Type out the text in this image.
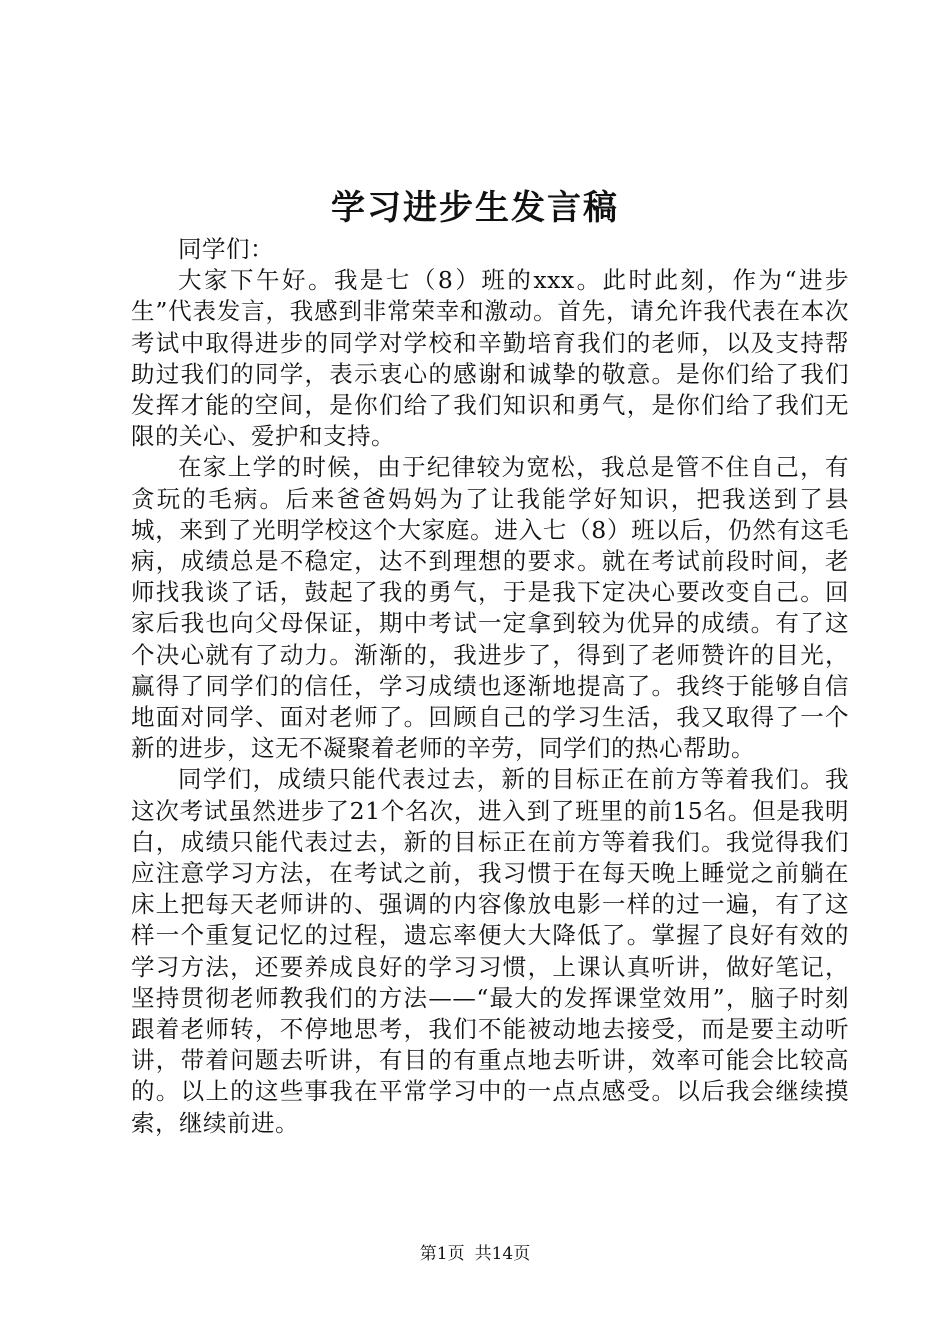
学习进步生发言稿

同学们：

大家下午好。我是七（8）班的xxx。此时此刻，作为“进步生”代表发言，我感到非常荣幸和激动。首先，请允许我代表在本次考试中取得进步的同学对学校和辛勤培育我们的老师，以及支持帮助过我们的同学，表示衷心的感谢和诚挚的敬意。是你们给了我们发挥才能的空间，是你们给了我们知识和勇气，是你们给了我们无限的关心、爱护和支持。

在家上学的时候，由于纪律较为宽松，我总是管不住自己，有贪玩的毛病。后来爸爸妈妈为了让我能学好知识，把我送到了县城，来到了光明学校这个大家庭。进入七（8）班以后，仍然有这毛病，成绩总是不稳定，达不到理想的要求。就在考试前段时间，老师找我谈了话，鼓起了我的勇气，于是我下定决心要改变自己。回家后我也向父母保证，期中考试一定拿到较为优异的成绩。有了这个决心就有了动力。渐渐的，我进步了，得到了老师赞许的目光，赢得了同学们的信任，学习成绩也逐渐地提高了。我终于能够自信地面对同学、面对老师了。回顾自己的学习生活，我又取得了一个新的进步，这无不凝聚着老师的辛劳，同学们的热心帮助。

同学们，成绩只能代表过去，新的目标正在前方等着我们。我这次考试虽然进步了21个名次，进入到了班里的前15名。但是我明白，成绩只能代表过去，新的目标正在前方等着我们。我觉得我们应注意学习方法，在考试之前，我习惯于在每天晚上睡觉之前躺在床上把每天老师讲的、强调的内容像放电影一样的过一遍，有了这样一个重复记忆的过程，遗忘率便大大降低了。掌握了良好有效的学习方法，还要养成良好的学习习惯，上课认真听讲，做好笔记，坚持贯彻老师教我们的方法——“最大的发挥课堂效用”，脑子时刻跟着老师转，不停地思考，我们不能被动地去接受，而是要主动听讲，带着问题去听讲，有目的有重点地去听讲，效率可能会比较高的。以上的这些事我在平常学习中的一点点感受。以后我会继续摸索，继续前进。

第1页 共14页
